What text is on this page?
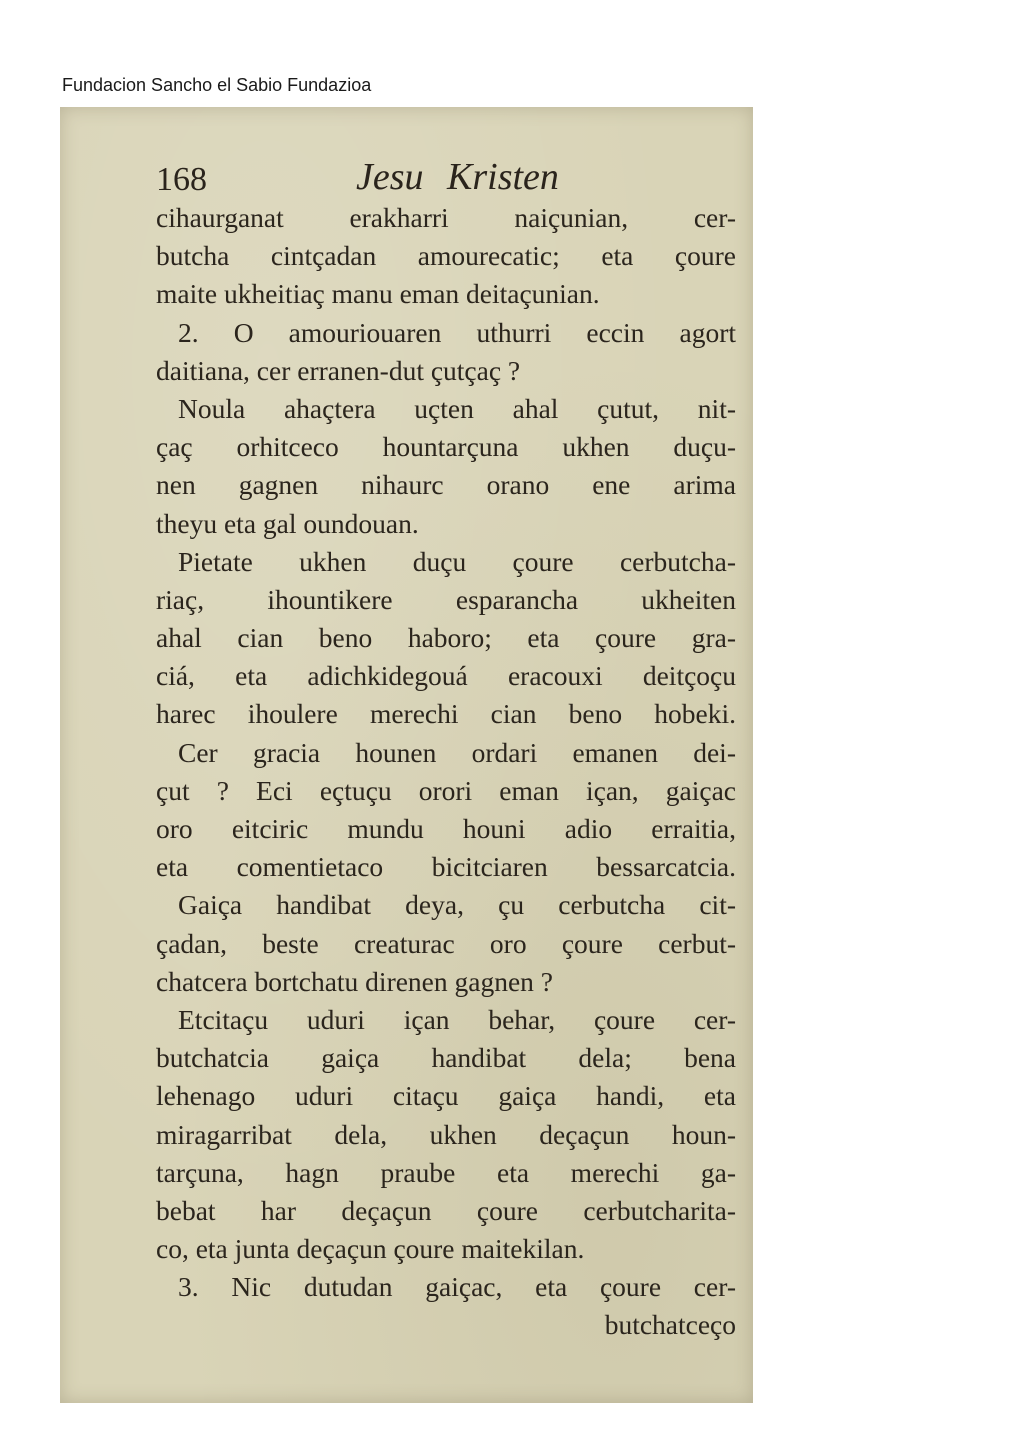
Fundacion Sancho el Sabio Fundazioa
168	Jesu Kristen
cihaurganat erakharri naiçunian, cer-
butcha cintçadan amourecatic; eta çoure
maite ukheitiaç manu eman deitaçunian.
2. O amouriouaren uthurri eccin agort
daitiana, cer erranen-dut çutçaç ?
Noula ahaçtera uçten ahal çutut, nit-
çaç orhitceco hountarçuna ukhen duçu-
nen gagnen nihaurc orano ene arima
theyu eta gal oundouan.
Pietate ukhen duçu çoure cerbutcha-
riaç, ihountikere esparancha ukheiten
ahal cian beno haboro; eta çoure gra-
ciá, eta adichkidegouá eracouxi deitçoçu
harec ihoulere merechi cian beno hobeki.
Cer gracia hounen ordari emanen dei-
çut ? Eci eçtuçu orori eman içan, gaiçac
oro eitciric mundu houni adio erraitia,
eta comentietaco bicitciaren bessarcatcia.
Gaiça handibat deya, çu cerbutcha cit-
çadan, beste creaturac oro çoure cerbut-
chatcera bortchatu direnen gagnen ?
Etcitaçu uduri içan behar, çoure cer-
butchatcia gaiça handibat dela; bena
lehenago uduri citaçu gaiça handi, eta
miragarribat dela, ukhen deçaçun houn-
tarçuna, hagn praube eta merechi ga-
bebat har deçaçun çoure cerbutcharita-
co, eta junta deçaçun çoure maitekilan.
3. Nic dutudan gaiçac, eta çoure cer-
butchatceço
